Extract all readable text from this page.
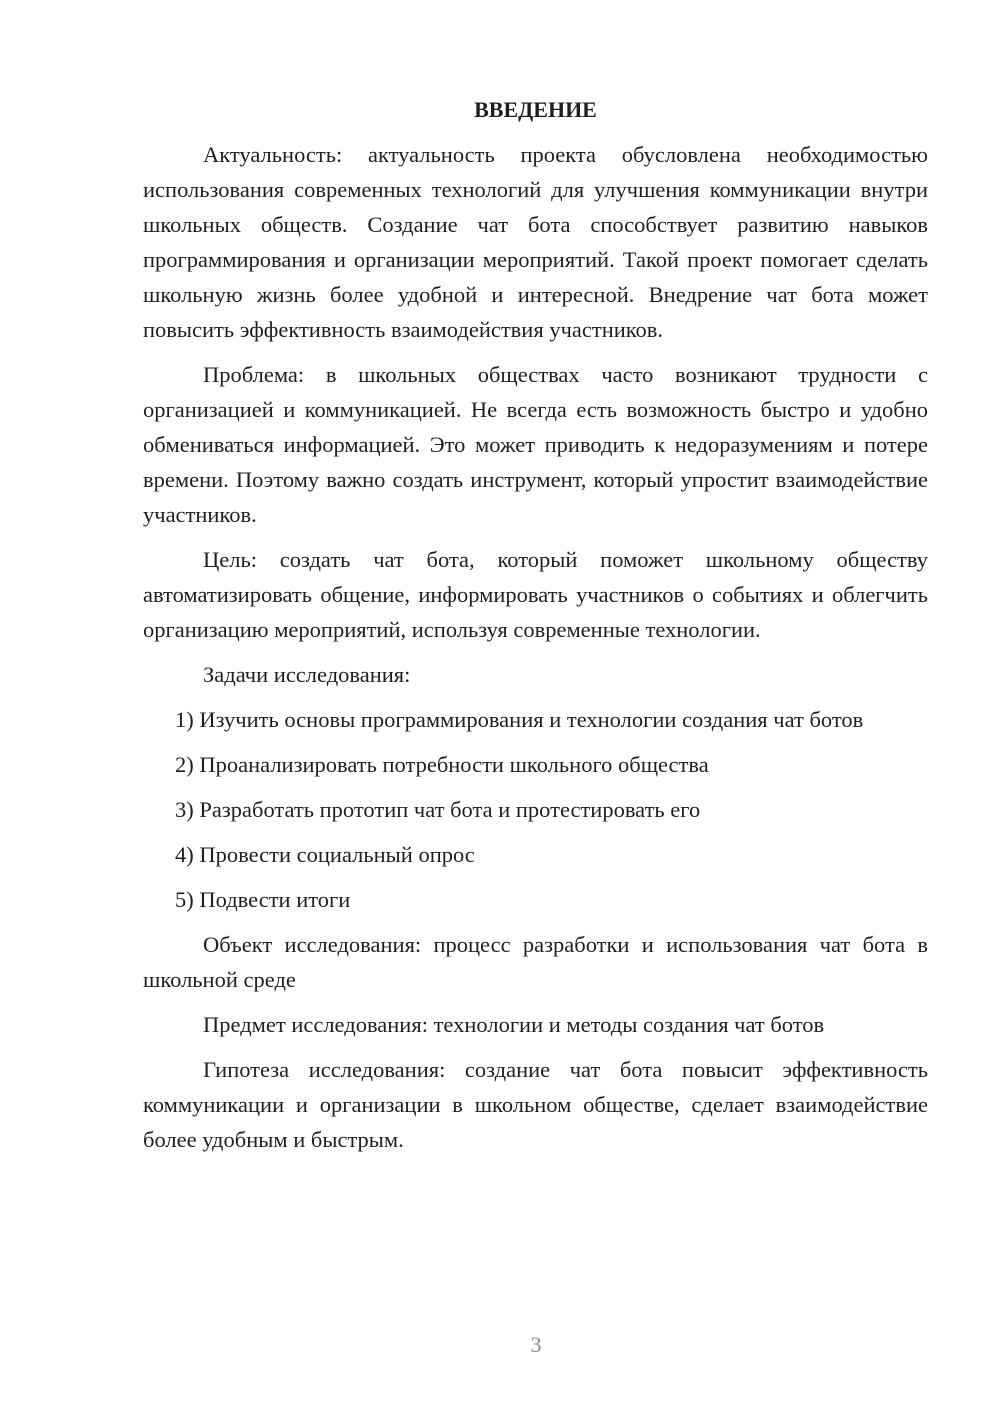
ВВЕДЕНИЕ

Актуальность: актуальность проекта обусловлена необходимостью использования современных технологий для улучшения коммуникации внутри школьных обществ. Создание чат бота способствует развитию навыков программирования и организации мероприятий. Такой проект помогает сделать школьную жизнь более удобной и интересной. Внедрение чат бота может повысить эффективность взаимодействия участников.

Проблема: в школьных обществах часто возникают трудности с организацией и коммуникацией. Не всегда есть возможность быстро и удобно обмениваться информацией. Это может приводить к недоразумениям и потере времени. Поэтому важно создать инструмент, который упростит взаимодействие участников.

Цель: создать чат бота, который поможет школьному обществу автоматизировать общение, информировать участников о событиях и облегчить организацию мероприятий, используя современные технологии.

Задачи исследования:

1) Изучить основы программирования и технологии создания чат ботов

2) Проанализировать потребности школьного общества

3) Разработать прототип чат бота и протестировать его

4) Провести социальный опрос

5) Подвести итоги

Объект исследования: процесс разработки и использования чат бота в школьной среде

Предмет исследования: технологии и методы создания чат ботов

Гипотеза исследования: создание чат бота повысит эффективность коммуникации и организации в школьном обществе, сделает взаимодействие более удобным и быстрым.

3
